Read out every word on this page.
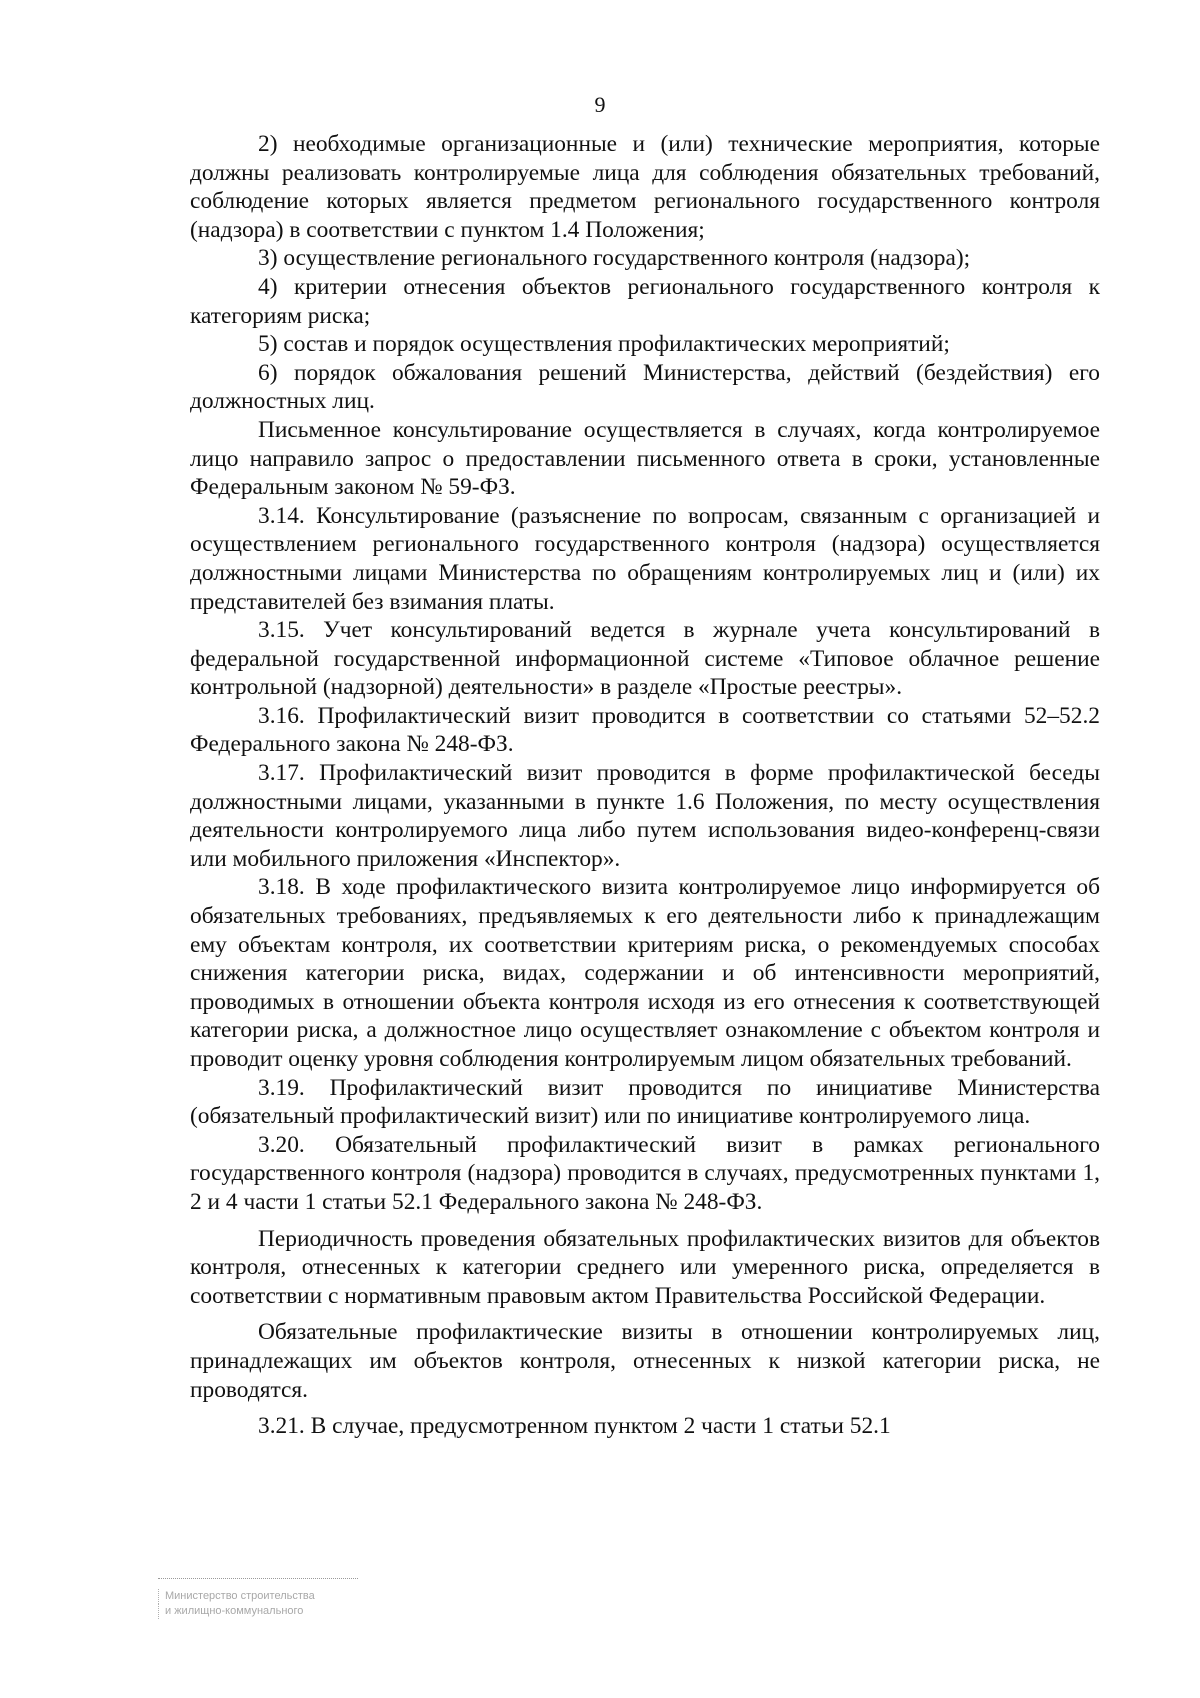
9

2) необходимые организационные и (или) технические мероприятия, которые должны реализовать контролируемые лица для соблюдения обязательных требований, соблюдение которых является предметом регионального государственного контроля (надзора) в соответствии с пунктом 1.4 Положения;

3) осуществление регионального государственного контроля (надзора);

4) критерии отнесения объектов регионального государственного контроля к категориям риска;

5) состав и порядок осуществления профилактических мероприятий;

6) порядок обжалования решений Министерства, действий (бездействия) его должностных лиц.

Письменное консультирование осуществляется в случаях, когда контролируемое лицо направило запрос о предоставлении письменного ответа в сроки, установленные Федеральным законом № 59-ФЗ.

3.14. Консультирование (разъяснение по вопросам, связанным с организацией и осуществлением регионального государственного контроля (надзора) осуществляется должностными лицами Министерства по обращениям контролируемых лиц и (или) их представителей без взимания платы.

3.15. Учет консультирований ведется в журнале учета консультирований в федеральной государственной информационной системе «Типовое облачное решение контрольной (надзорной) деятельности» в разделе «Простые реестры».

3.16. Профилактический визит проводится в соответствии со статьями 52–52.2 Федерального закона № 248-ФЗ.

3.17. Профилактический визит проводится в форме профилактической беседы должностными лицами, указанными в пункте 1.6 Положения, по месту осуществления деятельности контролируемого лица либо путем использования видео-конференц-связи или мобильного приложения «Инспектор».

3.18. В ходе профилактического визита контролируемое лицо информируется об обязательных требованиях, предъявляемых к его деятельности либо к принадлежащим ему объектам контроля, их соответствии критериям риска, о рекомендуемых способах снижения категории риска, видах, содержании и об интенсивности мероприятий, проводимых в отношении объекта контроля исходя из его отнесения к соответствующей категории риска, а должностное лицо осуществляет ознакомление с объектом контроля и проводит оценку уровня соблюдения контролируемым лицом обязательных требований.

3.19. Профилактический визит проводится по инициативе Министерства (обязательный профилактический визит) или по инициативе контролируемого лица.

3.20. Обязательный профилактический визит в рамках регионального государственного контроля (надзора) проводится в случаях, предусмотренных пунктами 1, 2 и 4 части 1 статьи 52.1 Федерального закона № 248-ФЗ.

Периодичность проведения обязательных профилактических визитов для объектов контроля, отнесенных к категории среднего или умеренного риска, определяется в соответствии с нормативным правовым актом Правительства Российской Федерации.

Обязательные профилактические визиты в отношении контролируемых лиц, принадлежащих им объектов контроля, отнесенных к низкой категории риска, не проводятся.

3.21. В случае, предусмотренном пунктом 2 части 1 статьи 52.1

Министерство строительства
и жилищно-коммунального
